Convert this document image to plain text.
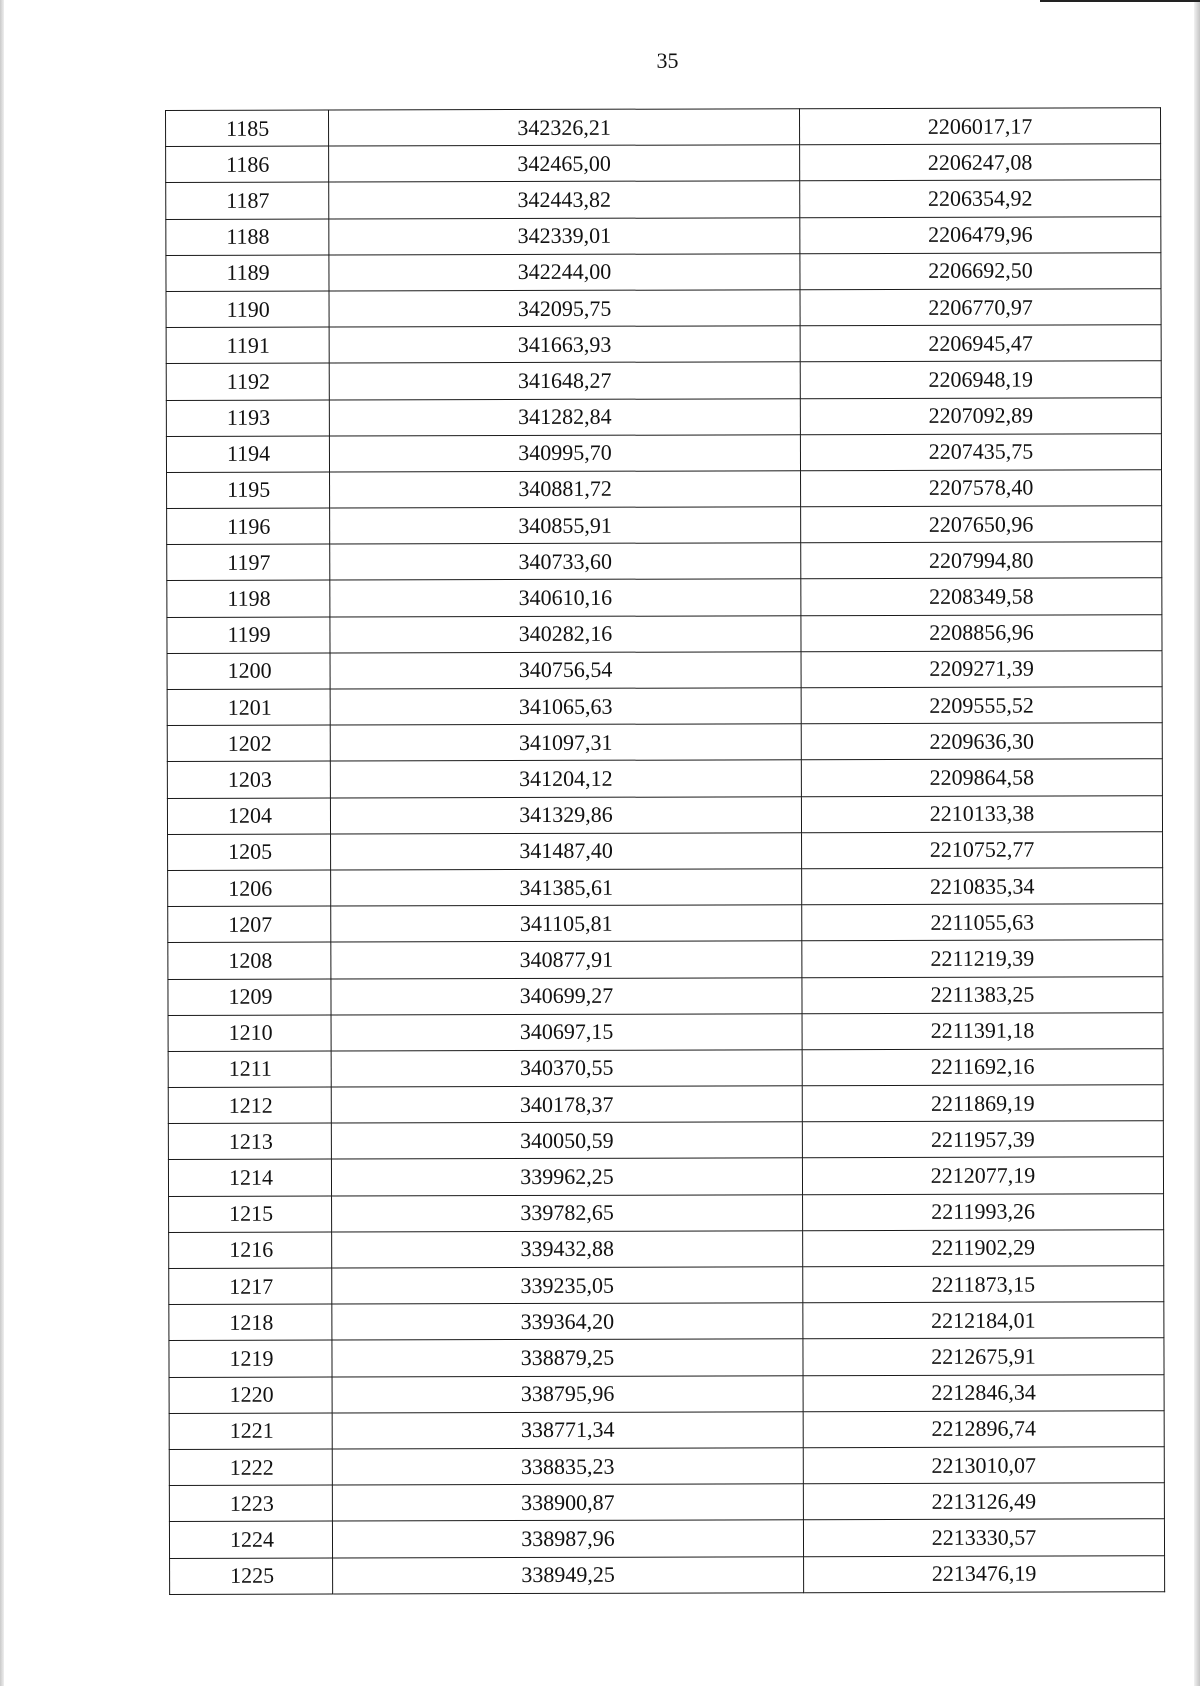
35
1185	342326,21	2206017,17
1186	342465,00	2206247,08
1187	342443,82	2206354,92
1188	342339,01	2206479,96
1189	342244,00	2206692,50
1190	342095,75	2206770,97
1191	341663,93	2206945,47
1192	341648,27	2206948,19
1193	341282,84	2207092,89
1194	340995,70	2207435,75
1195	340881,72	2207578,40
1196	340855,91	2207650,96
1197	340733,60	2207994,80
1198	340610,16	2208349,58
1199	340282,16	2208856,96
1200	340756,54	2209271,39
1201	341065,63	2209555,52
1202	341097,31	2209636,30
1203	341204,12	2209864,58
1204	341329,86	2210133,38
1205	341487,40	2210752,77
1206	341385,61	2210835,34
1207	341105,81	2211055,63
1208	340877,91	2211219,39
1209	340699,27	2211383,25
1210	340697,15	2211391,18
1211	340370,55	2211692,16
1212	340178,37	2211869,19
1213	340050,59	2211957,39
1214	339962,25	2212077,19
1215	339782,65	2211993,26
1216	339432,88	2211902,29
1217	339235,05	2211873,15
1218	339364,20	2212184,01
1219	338879,25	2212675,91
1220	338795,96	2212846,34
1221	338771,34	2212896,74
1222	338835,23	2213010,07
1223	338900,87	2213126,49
1224	338987,96	2213330,57
1225	338949,25	2213476,19
